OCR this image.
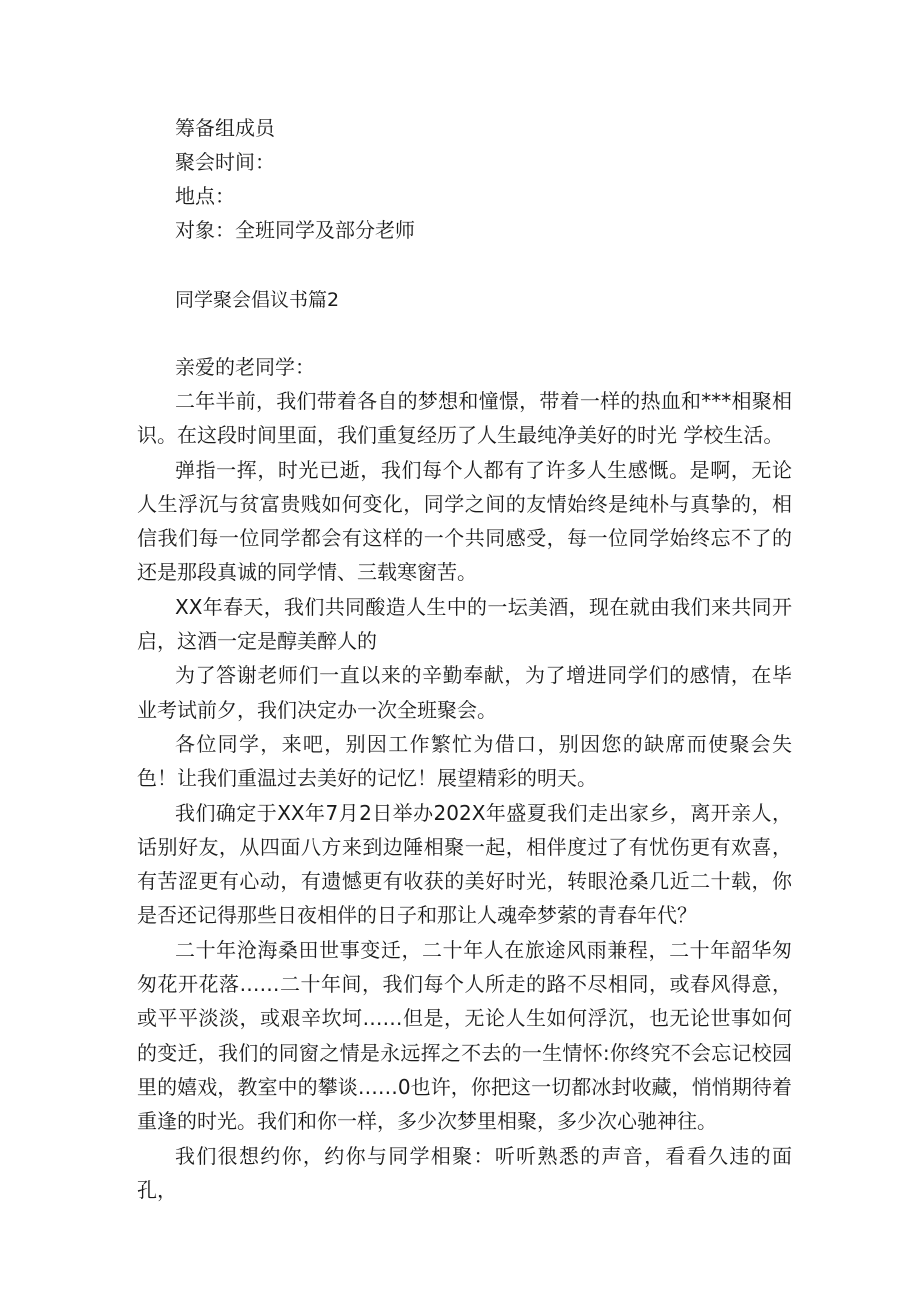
筹备组成员
聚会时间：
地点：
对象：全班同学及部分老师
同学聚会倡议书篇2
亲爱的老同学：

二年半前，我们带着各自的梦想和憧憬，带着一样的热血和***相聚相识。在这段时间里面，我们重复经历了人生最纯净美好的时光 学校生活。

弹指一挥，时光已逝，我们每个人都有了许多人生感慨。是啊，无论人生浮沉与贫富贵贱如何变化，同学之间的友情始终是纯朴与真挚的，相信我们每一位同学都会有这样的一个共同感受，每一位同学始终忘不了的还是那段真诚的同学情、三载寒窗苦。

XX年春天，我们共同酸造人生中的一坛美酒，现在就由我们来共同开启，这酒一定是醇美醉人的

为了答谢老师们一直以来的辛勤奉献，为了增进同学们的感情，在毕业考试前夕，我们决定办一次全班聚会。

各位同学，来吧，别因工作繁忙为借口，别因您的缺席而使聚会失色！让我们重温过去美好的记忆！展望精彩的明天。

我们确定于XX年7月2日举办202X年盛夏我们走出家乡，离开亲人，话别好友，从四面八方来到边陲相聚一起，相伴度过了有忧伤更有欢喜，有苦涩更有心动，有遗憾更有收获的美好时光，转眼沧桑几近二十载，你是否还记得那些日夜相伴的日子和那让人魂牵梦萦的青春年代？

二十年沧海桑田世事变迁，二十年人在旅途风雨兼程，二十年韶华匆匆花开花落……二十年间，我们每个人所走的路不尽相同，或春风得意，或平平淡淡，或艰辛坎坷……但是，无论人生如何浮沉，也无论世事如何的变迁，我们的同窗之情是永远挥之不去的一生情怀:你终究不会忘记校园里的嬉戏，教室中的攀谈……0也许，你把这一切都冰封收藏，悄悄期待着重逢的时光。我们和你一样，多少次梦里相聚，多少次心驰神往。

我们很想约你，约你与同学相聚：听听熟悉的声音，看看久违的面孔，
